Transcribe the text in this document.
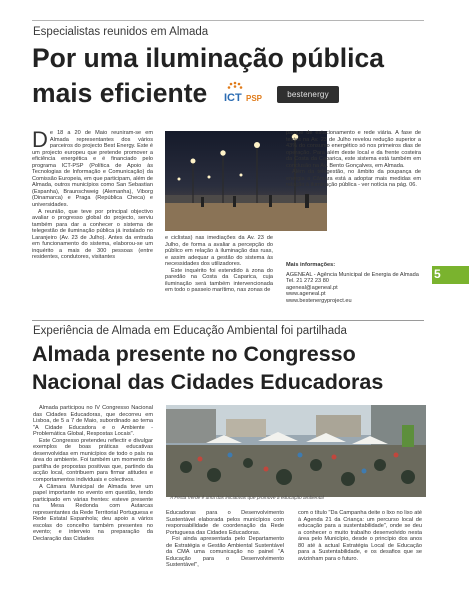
Especialistas reunidos em Almada
Por uma iluminação pública
mais eficiente ICT PSP	bestenergy

De 18 a 20 de Maio reuniram-se em Almada representantes dos vários parceiros do projecto Best Energy. Este é um projecto europeu que pretende promover a eficiência energética e é financiado pelo programa ICT-PSP (Política de Apoio às Tecnologias de Informação e Comunicação) da Comissão Europeia, em que participam, além de Almada, outros municípios como San Sebastian (Espanha), Braunschweig (Alemanha), Viborg (Dinamarca) e Praga (República Checa) e universidades.

A reunião, que teve por principal objectivo avaliar o progresso global do projecto, serviu também para dar a conhecer o sistema de telegestão de iluminação pública já instalado no Laranjeiro (Av. 23 de Julho). Antes da entrada em funcionamento do sistema, elaborou-se um inquérito a mais de 300 pessoas (entre residentes, condutores, visitantes

e ciclistas) nas imediações da Av. 23 de Julho, de forma a avaliar a percepção do público em relação à iluminação das ruas, e assim adequar a gestão do sistema às necessidades dos utilizadores.

Este inquérito foi estendido à zona do paredão na Costa da Caparica, cuja iluminação será também intervencionada em todo o passeio marítimo, nas zonas de

parque de estacionamento e rede viária. A fase de testes na Av. 23 de Julho revelou redução superior a 43% do consumo energético só nos primeiros dias de operação. Para além deste local e da frente costeira da Costa da Caparica, este sistema está também em conclusão na Av. Bento Gonçalves, em Almada.

Além da telegestão, no âmbito da poupança de energia a Câmara está a adoptar mais medidas em relação à iluminação pública - ver notícia na pág. 06.

Mais informações:

AGENEAL - Agência Municipal de Energia de Almada

Tel. 21 272 23 80

ageneal@ageneal.pt

www.ageneal.pt

www.bestenergyproject.eu

5
Experiência de Almada em Educação Ambiental foi partilhada
Almada presente no Congresso
Nacional das Cidades Educadoras

Almada participou no IV Congresso Nacional das Cidades Educadoras, que decorreu em Lisboa, de 5 a 7 de Maio, subordinado ao tema "A Cidade Educadora e o Ambiente - Problemática Global, Respostas Locais".

Este Congresso pretendeu reflectir e divulgar exemplos de boas práticas educativas desenvolvidas em municípios de todo o país na área do ambiente. Foi também um momento de partilha de propostas positivas que, partindo da acção local, contribuem para firmar atitudes e comportamentos individuais e colectivos.

A Câmara Municipal de Almada teve um papel importante no evento em questão, tendo participado em várias frentes: esteve presente na Mesa Redonda com Autarcas representantes da Rede Territorial Portuguesa e Rede Estatal Espanhola; deu apoio a vários escolas do concelho também presentes no evento; e interveio na preparação da Declaração das Cidades

A Festa Verde é uma das iniciativas que promove a educação ambiental

Educadoras para o Desenvolvimento Sustentável elaborada pelos municípios com responsabilidade de coordenação da Rede Portuguesa das Cidades Educadoras.

Foi ainda apresentada pelo Departamento de Estratégia e Gestão Ambiental Sustentável da CMA uma comunicação no painel "A Educação para o Desenvolvimento Sustentável",

com o título "Da Campanha deite o lixo no lixo até à Agenda 21 da Criança: um percurso local de educação para a sustentabilidade", onde se deu a conhecer o muito trabalho desenvolvido nesta área pelo Município, desde o princípio dos anos 80 até à actual Estratégia Local de Educação para a Sustentabilidade, e os desafios que se avizinham para o futuro.
